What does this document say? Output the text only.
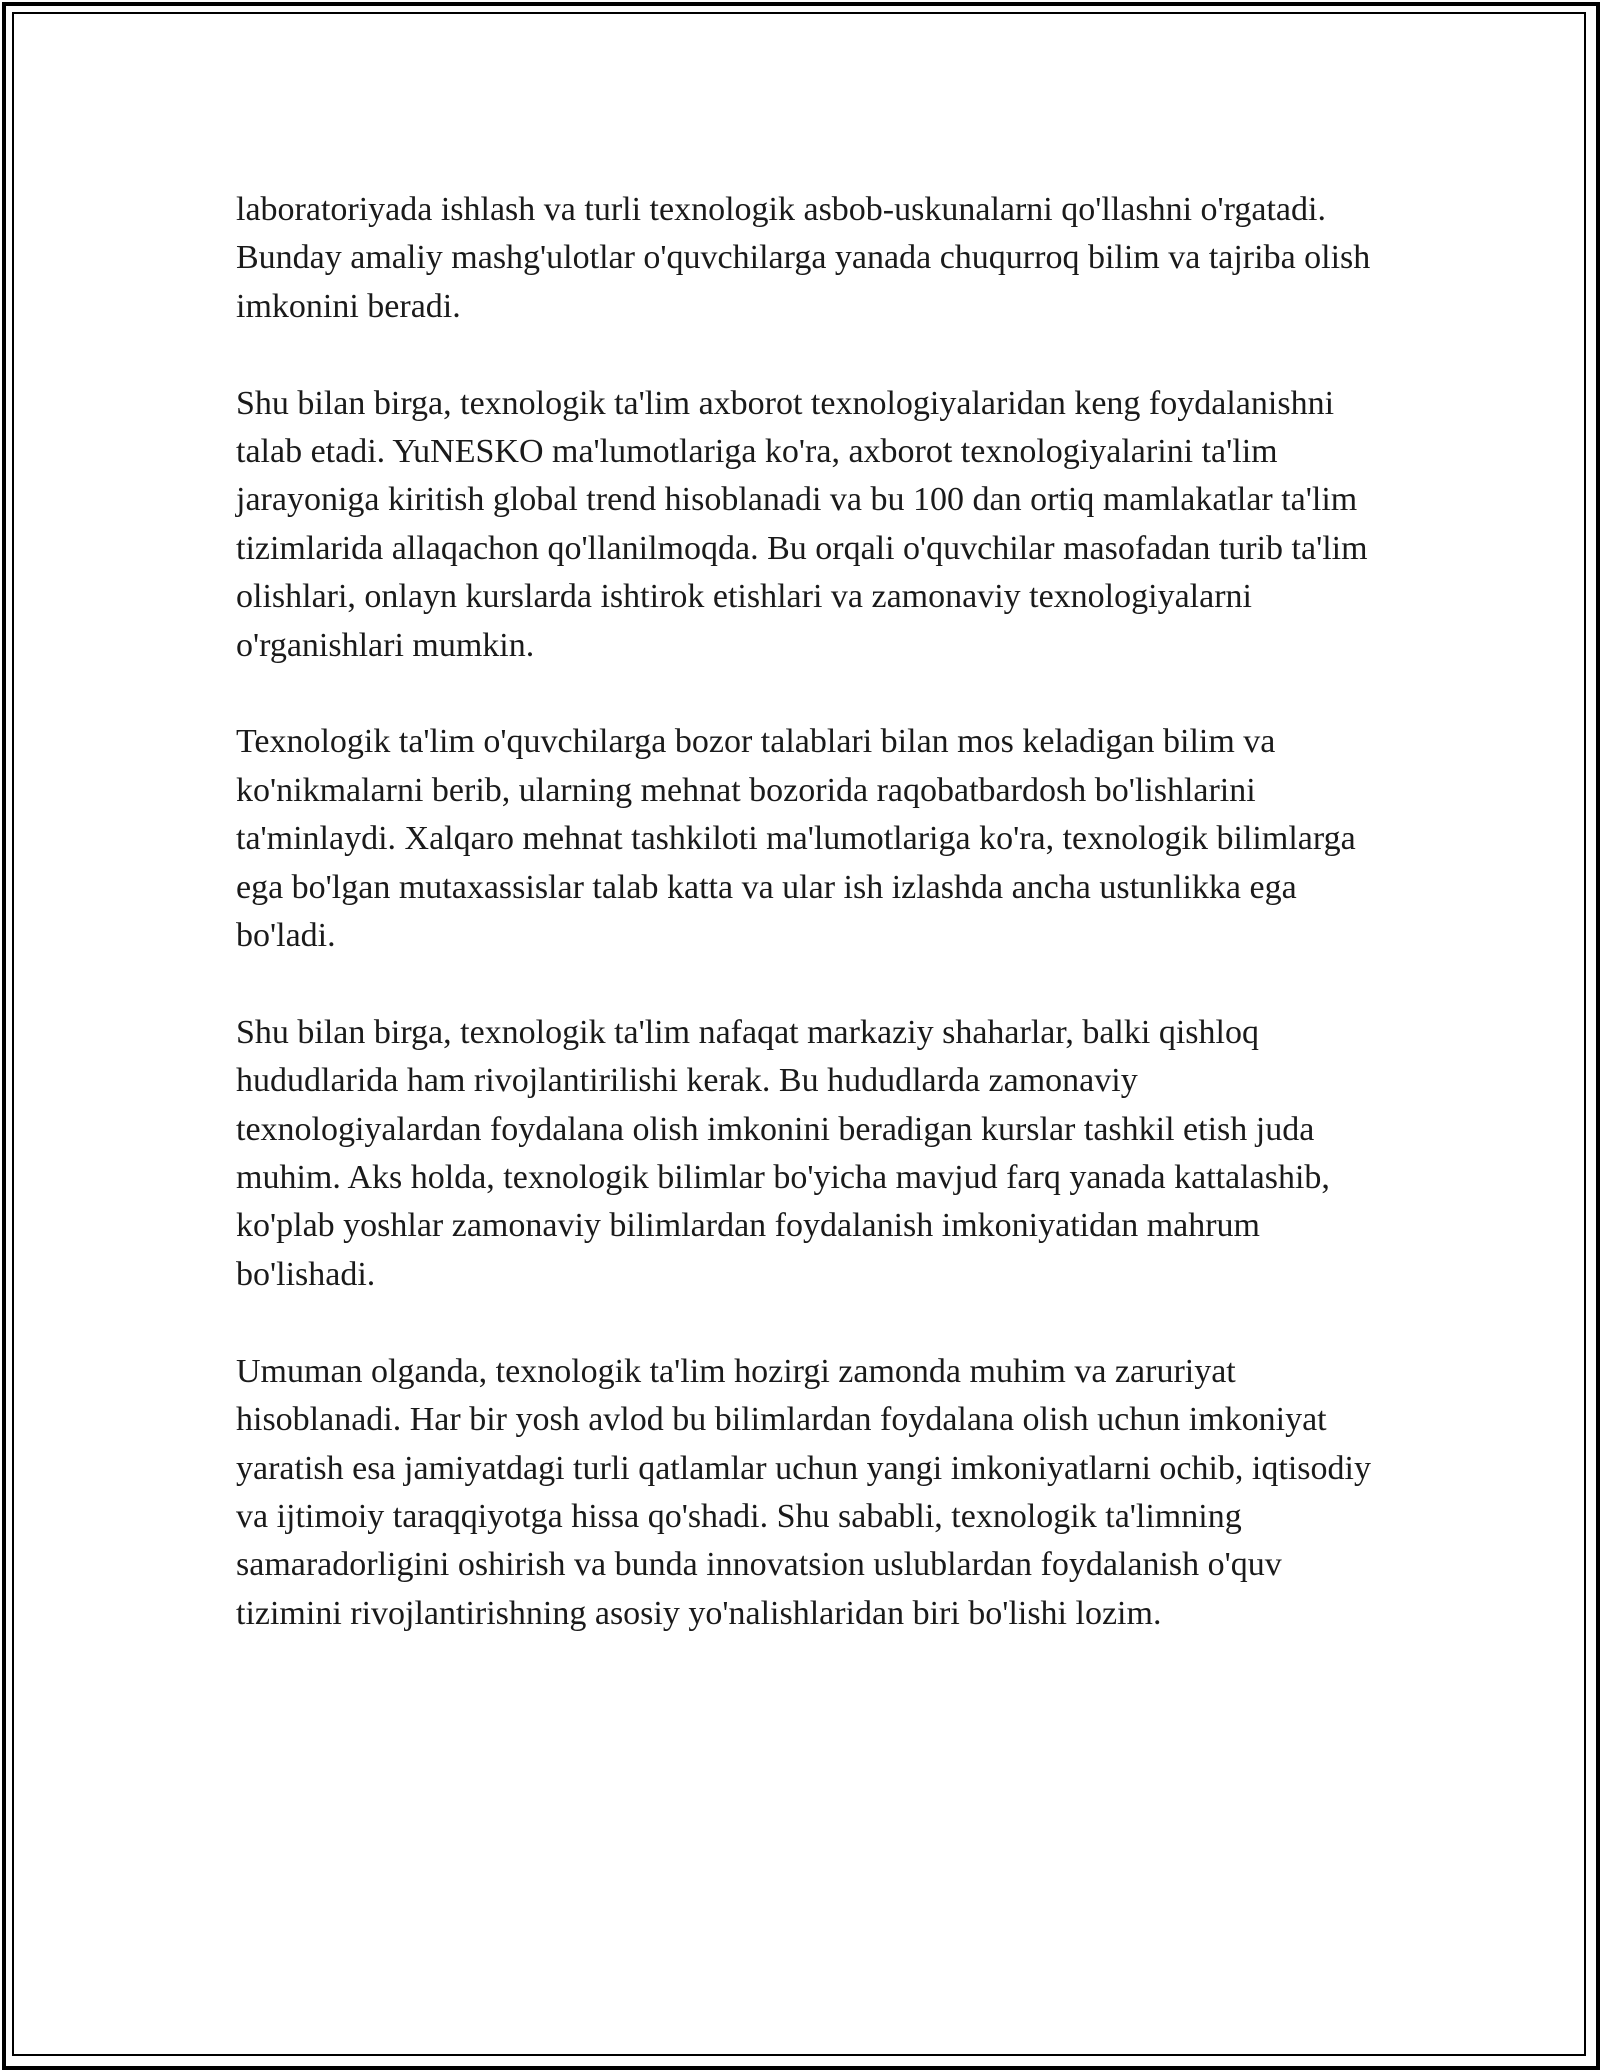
laboratoriyada ishlash va turli texnologik asbob-uskunalarni qo'llashni o'rgatadi. Bunday amaliy mashg'ulotlar o'quvchilarga yanada chuqurroq bilim va tajriba olish imkonini beradi.

Shu bilan birga, texnologik ta'lim axborot texnologiyalaridan keng foydalanishni talab etadi. YuNESKO ma'lumotlariga ko'ra, axborot texnologiyalarini ta'lim jarayoniga kiritish global trend hisoblanadi va bu 100 dan ortiq mamlakatlar ta'lim tizimlarida allaqachon qo'llanilmoqda. Bu orqali o'quvchilar masofadan turib ta'lim olishlari, onlayn kurslarda ishtirok etishlari va zamonaviy texnologiyalarni o'rganishlari mumkin.

Texnologik ta'lim o'quvchilarga bozor talablari bilan mos keladigan bilim va ko'nikmalarni berib, ularning mehnat bozorida raqobatbardosh bo'lishlarini ta'minlaydi. Xalqaro mehnat tashkiloti ma'lumotlariga ko'ra, texnologik bilimlarga ega bo'lgan mutaxassislar talab katta va ular ish izlashda ancha ustunlikka ega bo'ladi.

Shu bilan birga, texnologik ta'lim nafaqat markaziy shaharlar, balki qishloq hududlarida ham rivojlantirilishi kerak. Bu hududlarda zamonaviy texnologiyalardan foydalana olish imkonini beradigan kurslar tashkil etish juda muhim. Aks holda, texnologik bilimlar bo'yicha mavjud farq yanada kattalashib, ko'plab yoshlar zamonaviy bilimlardan foydalanish imkoniyatidan mahrum bo'lishadi.

Umuman olganda, texnologik ta'lim hozirgi zamonda muhim va zaruriyat hisoblanadi. Har bir yosh avlod bu bilimlardan foydalana olish uchun imkoniyat yaratish esa jamiyatdagi turli qatlamlar uchun yangi imkoniyatlarni ochib, iqtisodiy va ijtimoiy taraqqiyotga hissa qo'shadi. Shu sababli, texnologik ta'limning samaradorligini oshirish va bunda innovatsion uslublardan foydalanish o'quv tizimini rivojlantirishning asosiy yo'nalishlaridan biri bo'lishi lozim.
